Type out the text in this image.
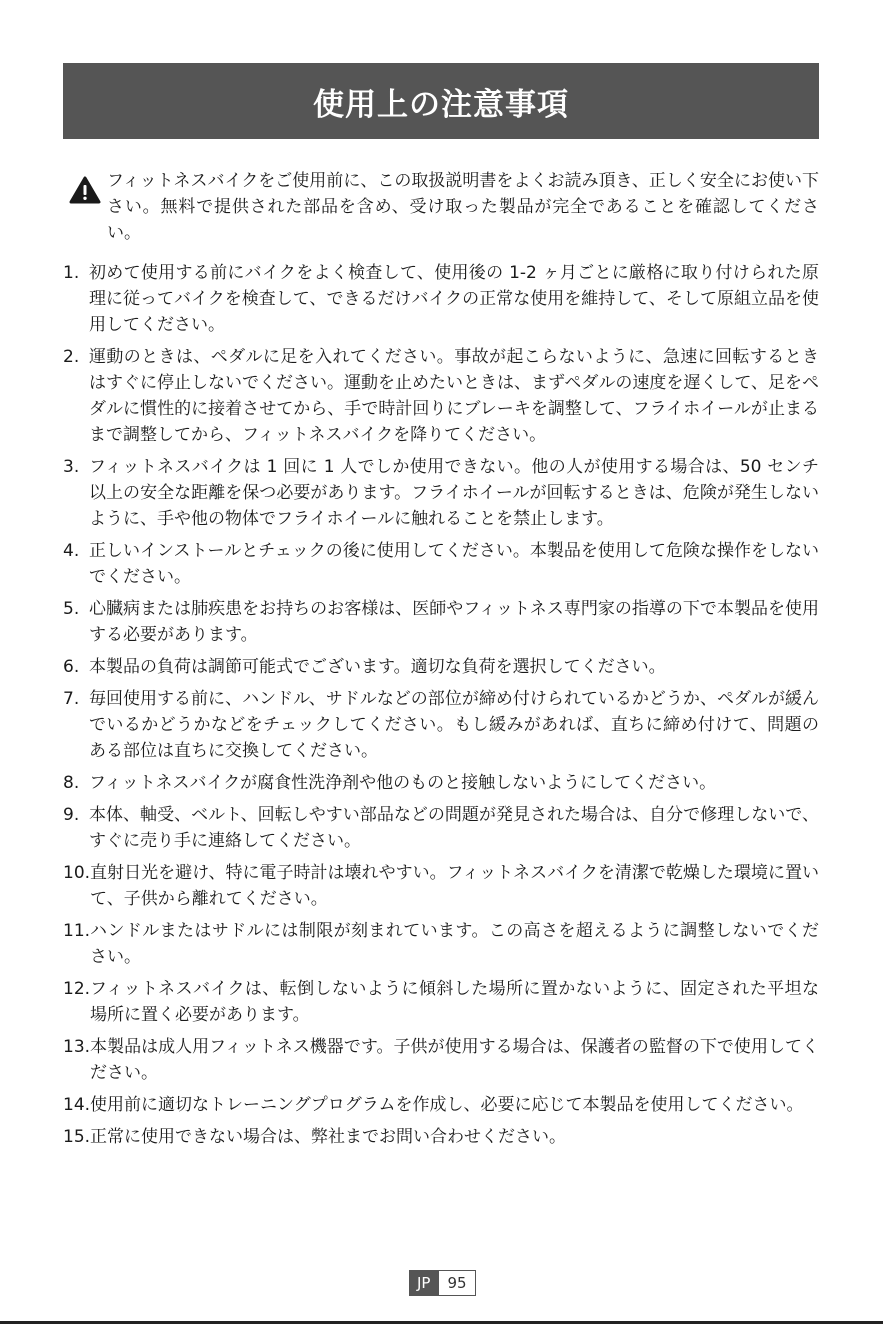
使用上の注意事項
フィットネスバイクをご使用前に、この取扱説明書をよくお読み頂き、正しく安全にお使い下さい。無料で提供された部品を含め、受け取った製品が完全であることを確認してください。
1. 初めて使用する前にバイクをよく検査して、使用後の 1-2 ヶ月ごとに厳格に取り付けられた原理に従ってバイクを検査して、できるだけバイクの正常な使用を維持して、そして原組立品を使用してください。
2. 運動のときは、ペダルに足を入れてください。事故が起こらないように、急速に回転するときはすぐに停止しないでください。運動を止めたいときは、まずペダルの速度を遅くして、足をペダルに慣性的に接着させてから、手で時計回りにブレーキを調整して、フライホイールが止まるまで調整してから、フィットネスバイクを降りてください。
3. フィットネスバイクは 1 回に 1 人でしか使用できない。他の人が使用する場合は、50 センチ以上の安全な距離を保つ必要があります。フライホイールが回転するときは、危険が発生しないように、手や他の物体でフライホイールに触れることを禁止します。
4. 正しいインストールとチェックの後に使用してください。本製品を使用して危険な操作をしないでください。
5. 心臓病または肺疾患をお持ちのお客様は、医師やフィットネス専門家の指導の下で本製品を使用する必要があります。
6. 本製品の負荷は調節可能式でございます。適切な負荷を選択してください。
7. 毎回使用する前に、ハンドル、サドルなどの部位が締め付けられているかどうか、ペダルが緩んでいるかどうかなどをチェックしてください。もし緩みがあれば、直ちに締め付けて、問題のある部位は直ちに交換してください。
8. フィットネスバイクが腐食性洗浄剤や他のものと接触しないようにしてください。
9. 本体、軸受、ベルト、回転しやすい部品などの問題が発見された場合は、自分で修理しないで、すぐに売り手に連絡してください。
10. 直射日光を避け、特に電子時計は壊れやすい。フィットネスバイクを清潔で乾燥した環境に置いて、子供から離れてください。
11. ハンドルまたはサドルには制限が刻まれています。この高さを超えるように調整しないでください。
12. フィットネスバイクは、転倒しないように傾斜した場所に置かないように、固定された平坦な場所に置く必要があります。
13. 本製品は成人用フィットネス機器です。子供が使用する場合は、保護者の監督の下で使用してください。
14. 使用前に適切なトレーニングプログラムを作成し、必要に応じて本製品を使用してください。
15. 正常に使用できない場合は、弊社までお問い合わせください。
JP	95
